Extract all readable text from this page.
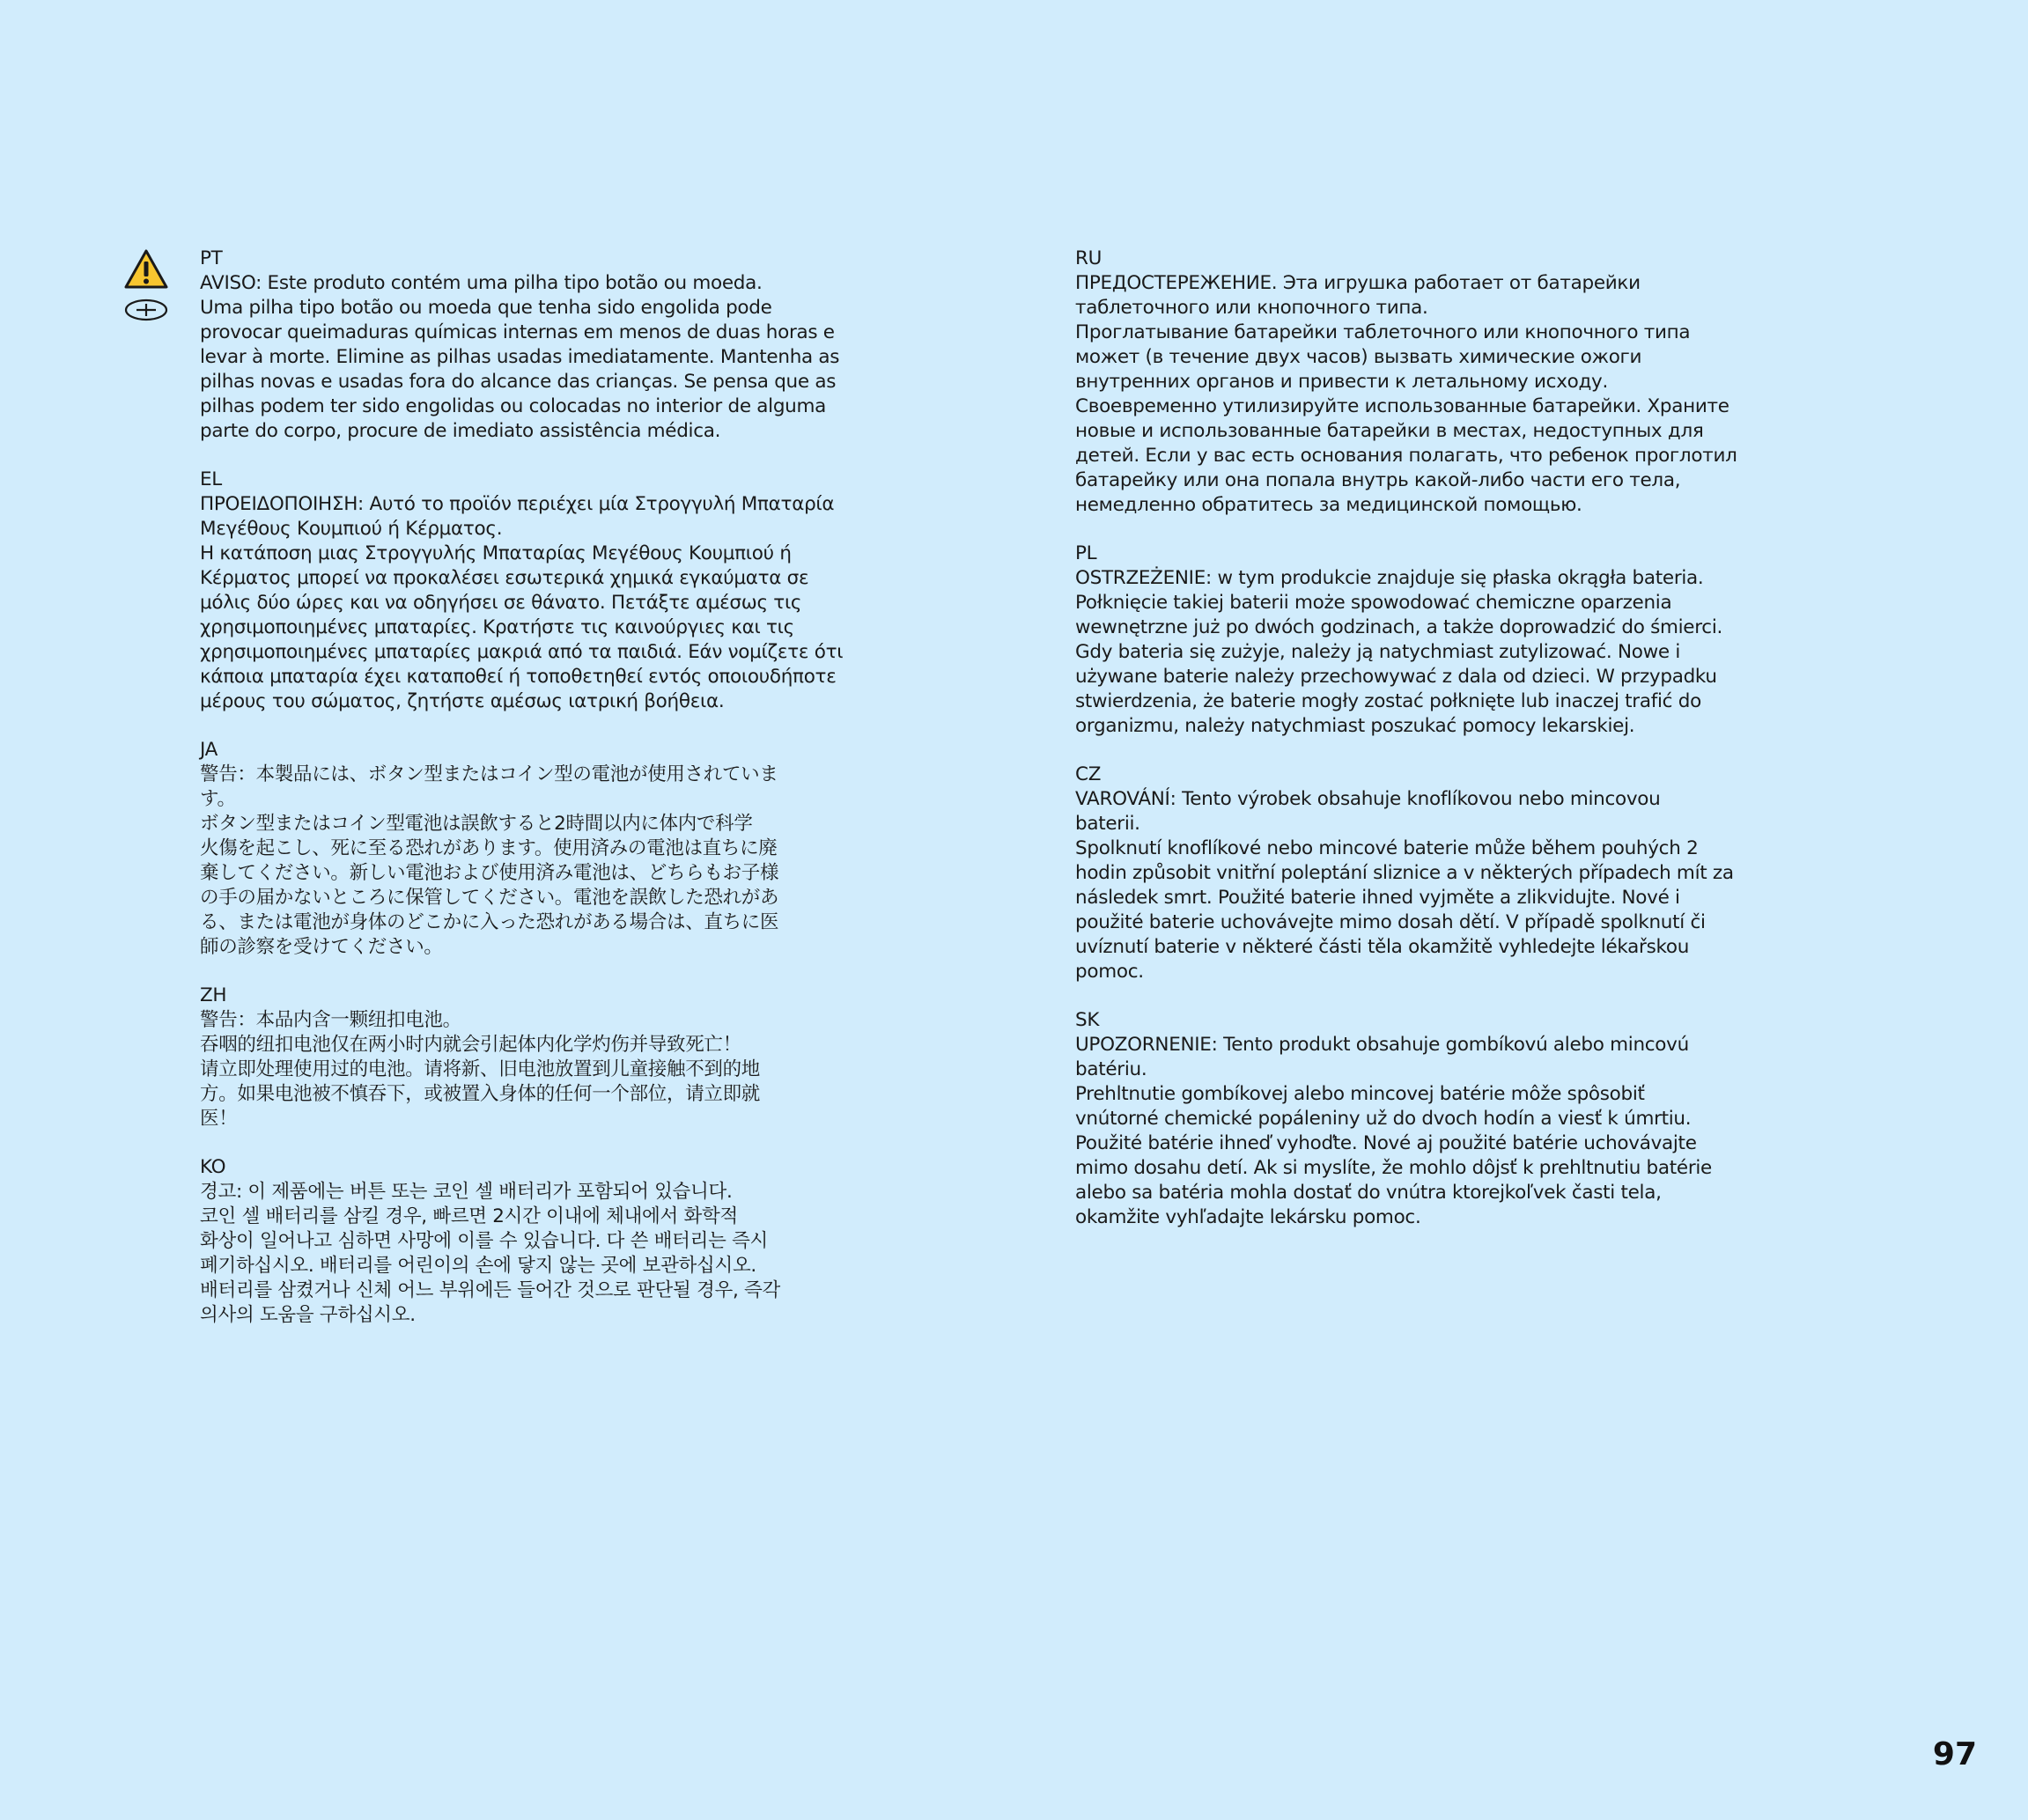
PT
AVISO: Este produto contém uma pilha tipo botão ou moeda.
Uma pilha tipo botão ou moeda que tenha sido engolida pode
provocar queimaduras químicas internas em menos de duas horas e
levar à morte. Elimine as pilhas usadas imediatamente. Mantenha as
pilhas novas e usadas fora do alcance das crianças. Se pensa que as
pilhas podem ter sido engolidas ou colocadas no interior de alguma
parte do corpo, procure de imediato assistência médica.
EL
ΠΡΟΕΙΔΟΠΟΙΗΣΗ: Αυτό το προϊόν περιέχει μία Στρογγυλή Μπαταρία
Μεγέθους Κουμπιού ή Κέρματος.
Η κατάποση μιας Στρογγυλής Μπαταρίας Μεγέθους Κουμπιού ή
Κέρματος μπορεί να προκαλέσει εσωτερικά χημικά εγκαύματα σε
μόλις δύο ώρες και να οδηγήσει σε θάνατο. Πετάξτε αμέσως τις
χρησιμοποιημένες μπαταρίες. Κρατήστε τις καινούργιες και τις
χρησιμοποιημένες μπαταρίες μακριά από τα παιδιά. Εάν νομίζετε ότι
κάποια μπαταρία έχει καταποθεί ή τοποθετηθεί εντός οποιουδήποτε
μέρους του σώματος, ζητήστε αμέσως ιατρική βοήθεια.
JA
警告：本製品には、ボタン型またはコイン型の電池が使用されていま
す。
ボタン型またはコイン型電池は誤飲すると2時間以内に体内で科学
火傷を起こし、死に至る恐れがあります。使用済みの電池は直ちに廃
棄してください。新しい電池および使用済み電池は、どちらもお子様
の手の届かないところに保管してください。電池を誤飲した恐れがあ
る、または電池が身体のどこかに入った恐れがある場合は、直ちに医
師の診察を受けてください。
ZH
警告：本品内含一颗纽扣电池。
吞咽的纽扣电池仅在两小时内就会引起体内化学灼伤并导致死亡！
请立即处理使用过的电池。请将新、旧电池放置到儿童接触不到的地
方。如果电池被不慎吞下，或被置入身体的任何一个部位，请立即就
医！
KO
경고: 이 제품에는 버튼 또는 코인 셀 배터리가 포함되어 있습니다.
코인 셀 배터리를 삼킬 경우, 빠르면 2시간 이내에 체내에서 화학적
화상이 일어나고 심하면 사망에 이를 수 있습니다. 다 쓴 배터리는 즉시
폐기하십시오. 배터리를 어린이의 손에 닿지 않는 곳에 보관하십시오.
배터리를 삼켰거나 신체 어느 부위에든 들어간 것으로 판단될 경우, 즉각
의사의 도움을 구하십시오.
RU
ПРЕДОСТЕРЕЖЕНИЕ. Эта игрушка работает от батарейки
таблеточного или кнопочного типа.
Проглатывание батарейки таблеточного или кнопочного типа
может (в течение двух часов) вызвать химические ожоги
внутренних органов и привести к летальному исходу.
Своевременно утилизируйте использованные батарейки. Храните
новые и использованные батарейки в местах, недоступных для
детей. Если у вас есть основания полагать, что ребенок проглотил
батарейку или она попала внутрь какой-либо части его тела,
немедленно обратитесь за медицинской помощью.
PL
OSTRZEŻENIE: w tym produkcie znajduje się płaska okrągła bateria.
Połknięcie takiej baterii może spowodować chemiczne oparzenia
wewnętrzne już po dwóch godzinach, a także doprowadzić do śmierci.
Gdy bateria się zużyje, należy ją natychmiast zutylizować. Nowe i
używane baterie należy przechowywać z dala od dzieci. W przypadku
stwierdzenia, że baterie mogły zostać połknięte lub inaczej trafić do
organizmu, należy natychmiast poszukać pomocy lekarskiej.
CZ
VAROVÁNÍ: Tento výrobek obsahuje knoflíkovou nebo mincovou
baterii.
Spolknutí knoflíkové nebo mincové baterie může během pouhých 2
hodin způsobit vnitřní poleptání sliznice a v některých případech mít za
následek smrt. Použité baterie ihned vyjměte a zlikvidujte. Nové i
použité baterie uchovávejte mimo dosah dětí. V případě spolknutí či
uvíznutí baterie v některé části těla okamžitě vyhledejte lékařskou
pomoc.
SK
UPOZORNENIE: Tento produkt obsahuje gombíkovú alebo mincovú
batériu.
Prehltnutie gombíkovej alebo mincovej batérie môže spôsobiť
vnútorné chemické popáleniny už do dvoch hodín a viesť k úmrtiu.
Použité batérie ihneď vyhoďte. Nové aj použité batérie uchovávajte
mimo dosahu detí. Ak si myslíte, že mohlo dôjsť k prehltnutiu batérie
alebo sa batéria mohla dostať do vnútra ktorejkoľvek časti tela,
okamžite vyhľadajte lekársku pomoc.
97
